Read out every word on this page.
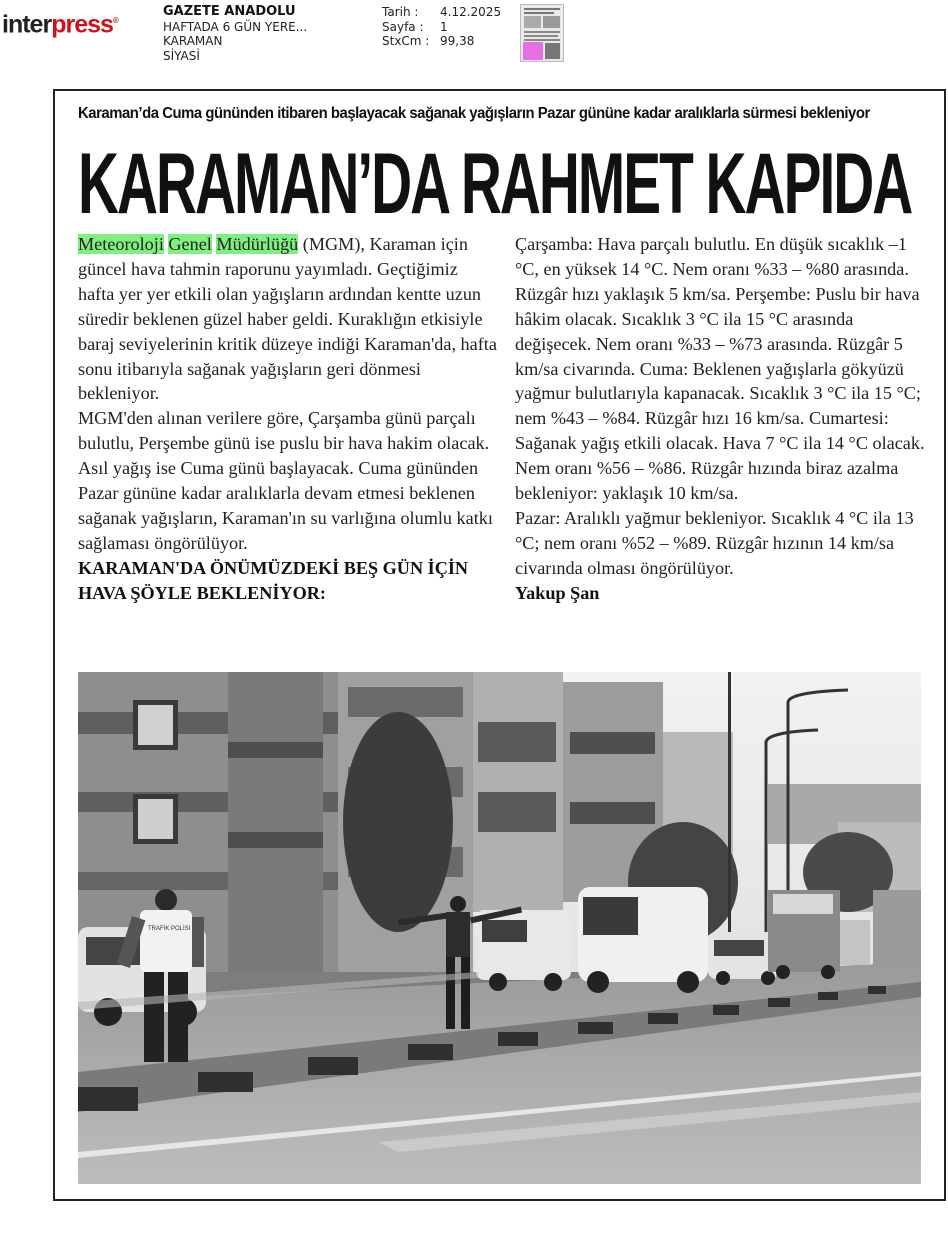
interpress®
GAZETE ANADOLU
HAFTADA 6 GÜN YERE...
KARAMAN
SİYASİ
Tarih :	4.12.2025
Sayfa :	1
StxCm : 99,38
Karaman’da Cuma gününden itibaren başlayacak sağanak yağışların Pazar gününe kadar aralıklarla sürmesi bekleniyor
KARAMAN’DA RAHMET KAPIDA

Meteoroloji Genel Müdürlüğü (MGM), Karaman için güncel hava tahmin raporunu yayımladı. Geçtiğimiz hafta yer yer etkili olan yağışların ardından kentte uzun süredir beklenen güzel haber geldi. Kuraklığın etkisiyle baraj seviyelerinin kritik düzeye indiği Karaman'da, hafta sonu itibarıyla sağanak yağışların geri dönmesi bekleniyor.

MGM'den alınan verilere göre, Çarşamba günü parçalı bulutlu, Perşembe günü ise puslu bir hava hakim olacak. Asıl yağış ise Cuma günü başlayacak. Cuma gününden Pazar gününe kadar aralıklarla devam etmesi beklenen sağanak yağışların, Karaman'ın su varlığına olumlu katkı sağlaması öngörülüyor.

KARAMAN'DA ÖNÜMÜZDEKİ BEŞ GÜN İÇİN HAVA ŞÖYLE BEKLENİYOR:

Çarşamba: Hava parçalı bulutlu. En düşük sıcaklık –1 °C, en yüksek 14 °C. Nem oranı %33 – %80 arasında. Rüzgâr hızı yaklaşık 5 km/sa. Perşembe: Puslu bir hava hâkim olacak. Sıcaklık 3 °C ila 15 °C arasında değişecek. Nem oranı %33 – %73 arasında. Rüzgâr 5 km/sa civarında. Cuma: Beklenen yağışlarla gökyüzü yağmur bulutlarıyla kapanacak. Sıcaklık 3 °C ila 15 °C; nem %43 – %84. Rüzgâr hızı 16 km/sa. Cumartesi: Sağanak yağış etkili olacak. Hava 7 °C ila 14 °C olacak. Nem oranı %56 – %86. Rüzgâr hızında biraz azalma bekleniyor: yaklaşık 10 km/sa.

Pazar: Aralıklı yağmur bekleniyor. Sıcaklık 4 °C ila 13 °C; nem oranı %52 – %89. Rüzgâr hızının 14 km/sa civarında olması öngörülüyor.

Yakup Şan

TRAFİK POLİSİ
